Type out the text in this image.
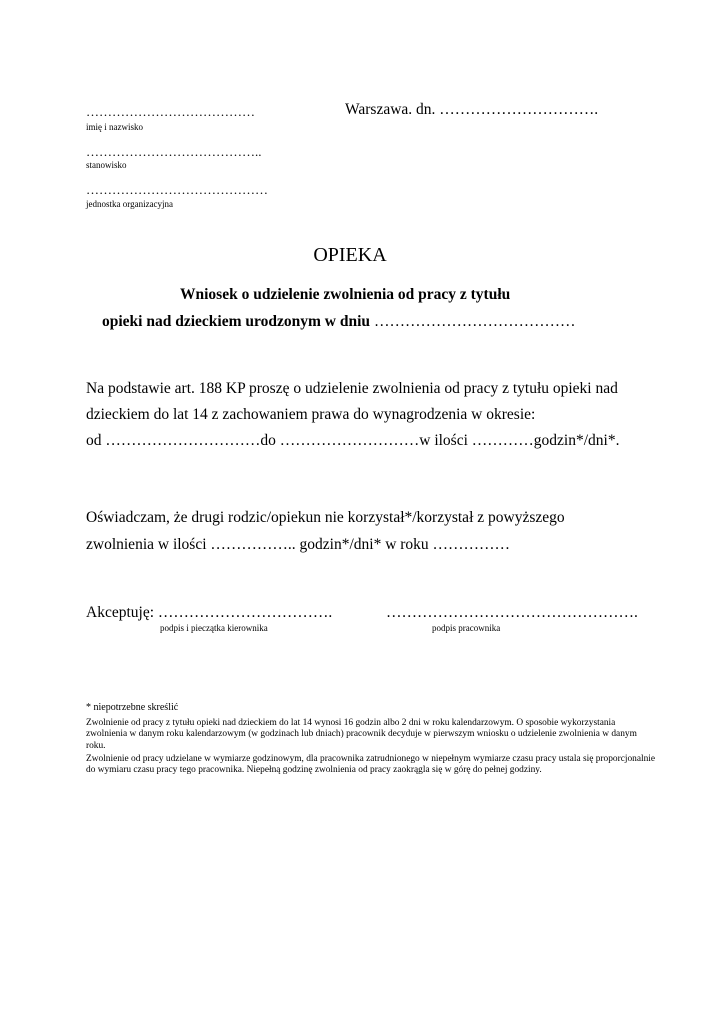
…………………………………
imię i nazwisko
Warszawa. dn. ………………………….
…………………………………..
stanowisko
……………………………………
jednostka organizacyjna
OPIEKA
Wniosek o udzielenie zwolnienia od pracy z tytułu
opieki nad dzieckiem urodzonym w dniu …………………………………
Na podstawie art. 188 KP proszę o udzielenie zwolnienia od pracy z tytułu opieki nad
dzieckiem do lat 14 z zachowaniem prawa do wynagrodzenia w okresie:
od …………………………do ………………………w ilości …………godzin*/dni*.
Oświadczam, że drugi rodzic/opiekun nie korzystał*/korzystał z powyższego
zwolnienia w ilości …………….. godzin*/dni* w roku ……………
Akceptuję: …………………………….
podpis i pieczątka kierownika
………………………………………….
podpis pracownika
* niepotrzebne skreślić
Zwolnienie od pracy z tytułu opieki nad dzieckiem do lat 14 wynosi 16 godzin albo 2 dni w roku kalendarzowym. O sposobie wykorzystania zwolnienia w danym roku kalendarzowym (w godzinach lub dniach) pracownik decyduje w pierwszym wniosku o udzielenie zwolnienia w danym roku.
Zwolnienie od pracy udzielane w wymiarze godzinowym, dla pracownika zatrudnionego w niepełnym wymiarze czasu pracy ustala się proporcjonalnie do wymiaru czasu pracy tego pracownika. Niepełną godzinę zwolnienia od pracy zaokrągla się w górę do pełnej godziny.
